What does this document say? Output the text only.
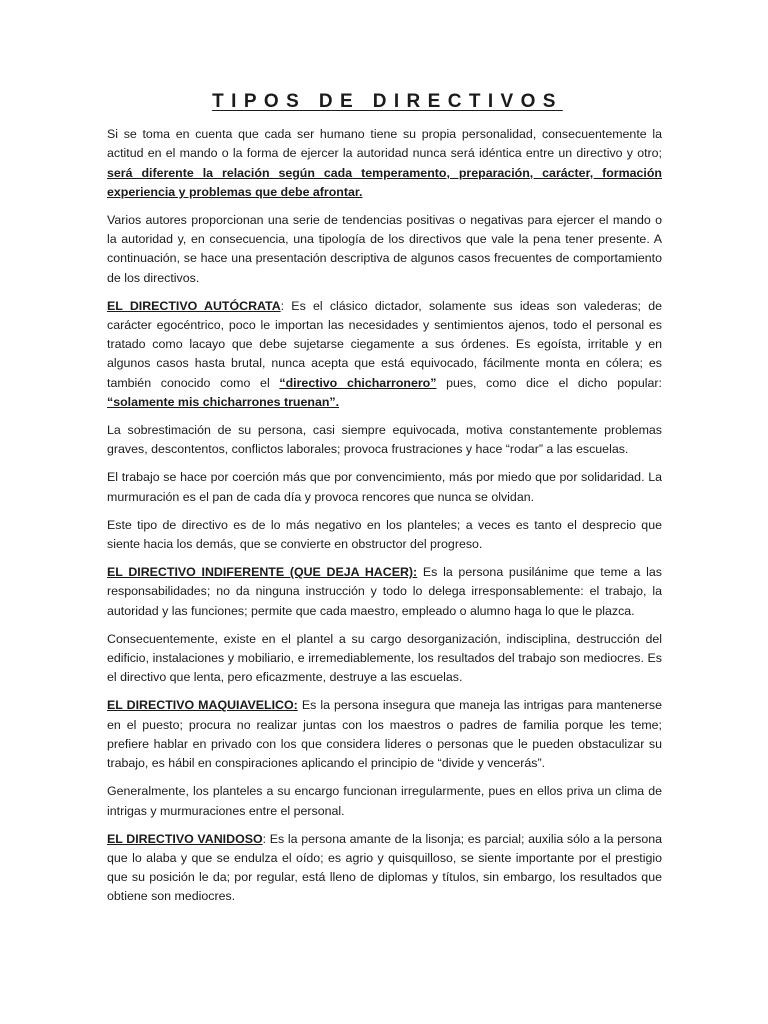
TIPOS DE DIRECTIVOS

Si se toma en cuenta que cada ser humano tiene su propia personalidad, consecuentemente la actitud en el mando o la forma de ejercer la autoridad nunca será idéntica entre un directivo y otro; será diferente la relación según cada temperamento, preparación, carácter, formación experiencia y problemas que debe afrontar.

Varios autores proporcionan una serie de tendencias positivas o negativas para ejercer el mando o la autoridad y, en consecuencia, una tipología de los directivos que vale la pena tener presente. A continuación, se hace una presentación descriptiva de algunos casos frecuentes de comportamiento de los directivos.

EL DIRECTIVO AUTÓCRATA: Es el clásico dictador, solamente sus ideas son valederas; de carácter egocéntrico, poco le importan las necesidades y sentimientos ajenos, todo el personal es tratado como lacayo que debe sujetarse ciegamente a sus órdenes. Es egoísta, irritable y en algunos casos hasta brutal, nunca acepta que está equivocado, fácilmente monta en cólera; es también conocido como el “directivo chicharronero” pues, como dice el dicho popular: “solamente mis chicharrones truenan”.

La sobrestimación de su persona, casi siempre equivocada, motiva constantemente problemas graves, descontentos, conflictos laborales; provoca frustraciones y hace “rodar” a las escuelas.

El trabajo se hace por coerción más que por convencimiento, más por miedo que por solidaridad. La murmuración es el pan de cada día y provoca rencores que nunca se olvidan.

Este tipo de directivo es de lo más negativo en los planteles; a veces es tanto el desprecio que siente hacia los demás, que se convierte en obstructor del progreso.

EL DIRECTIVO INDIFERENTE (QUE DEJA HACER): Es la persona pusilánime que teme a las responsabilidades; no da ninguna instrucción y todo lo delega irresponsablemente: el trabajo, la autoridad y las funciones; permite que cada maestro, empleado o alumno haga lo que le plazca.

Consecuentemente, existe en el plantel a su cargo desorganización, indisciplina, destrucción del edificio, instalaciones y mobiliario, e irremediablemente, los resultados del trabajo son mediocres. Es el directivo que lenta, pero eficazmente, destruye a las escuelas.

EL DIRECTIVO MAQUIAVELICO: Es la persona insegura que maneja las intrigas para mantenerse en el puesto; procura no realizar juntas con los maestros o padres de familia porque les teme; prefiere hablar en privado con los que considera lideres o personas que le pueden obstaculizar su trabajo, es hábil en conspiraciones aplicando el principio de “divide y vencerás”.

Generalmente, los planteles a su encargo funcionan irregularmente, pues en ellos priva un clima de intrigas y murmuraciones entre el personal.

EL DIRECTIVO VANIDOSO: Es la persona amante de la lisonja; es parcial; auxilia sólo a la persona que lo alaba y que se endulza el oído; es agrio y quisquilloso, se siente importante por el prestigio que su posición le da; por regular, está lleno de diplomas y títulos, sin embargo, los resultados que obtiene son mediocres.
